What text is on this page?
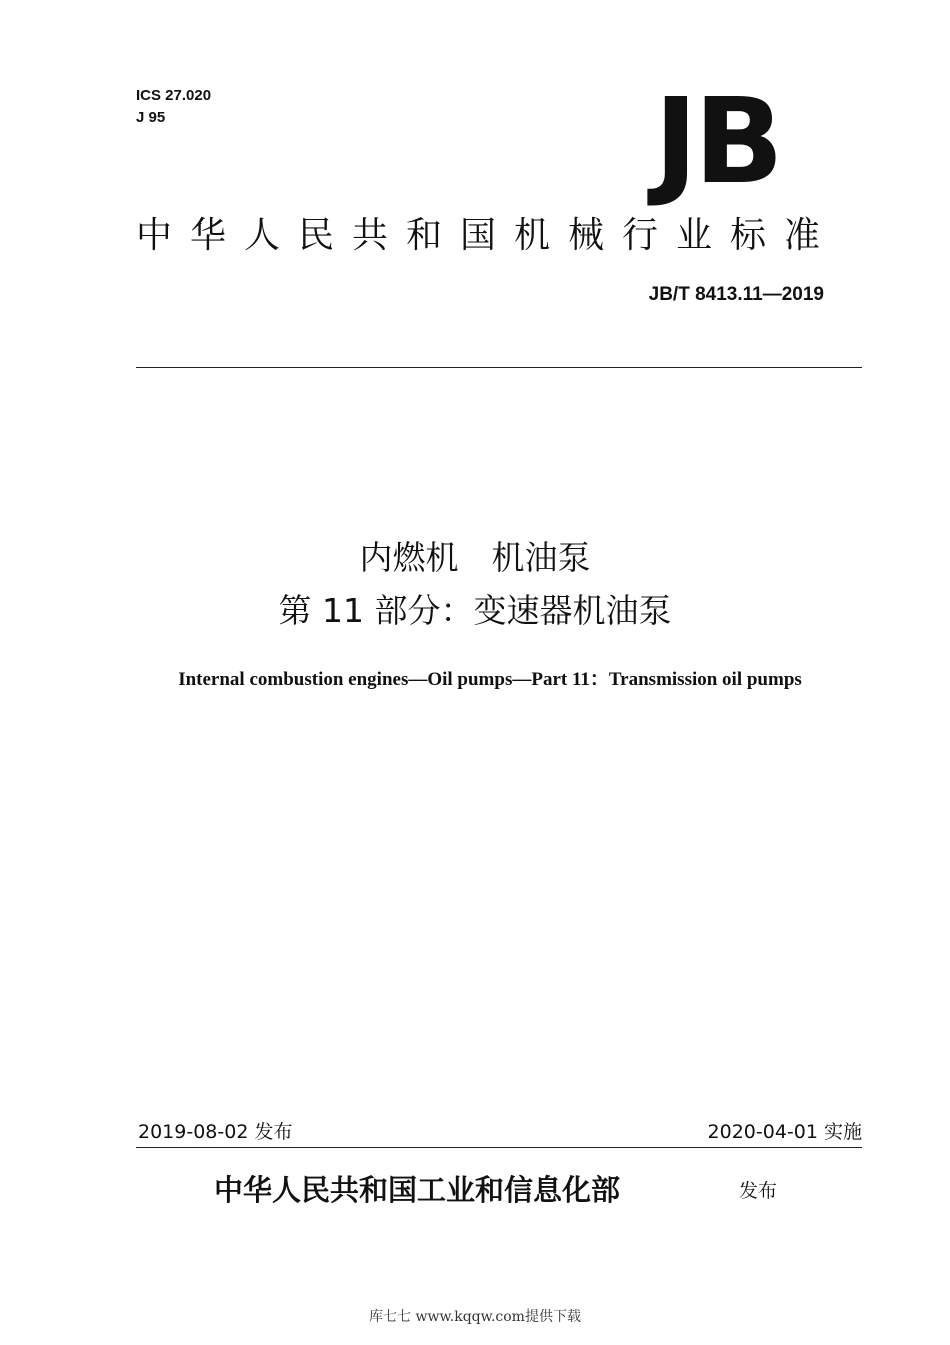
ICS 27.020
J 95	JB
中华人民共和国机械行业标准
JB/T 8413.11—2019
内燃机　机油泵
第 11 部分：变速器机油泵
Internal combustion engines—Oil pumps—Part 11：Transmission oil pumps
2019-08-02 发布	2020-04-01 实施
中华人民共和国工业和信息化部	发布
库七七 www.kqqw.com提供下载
